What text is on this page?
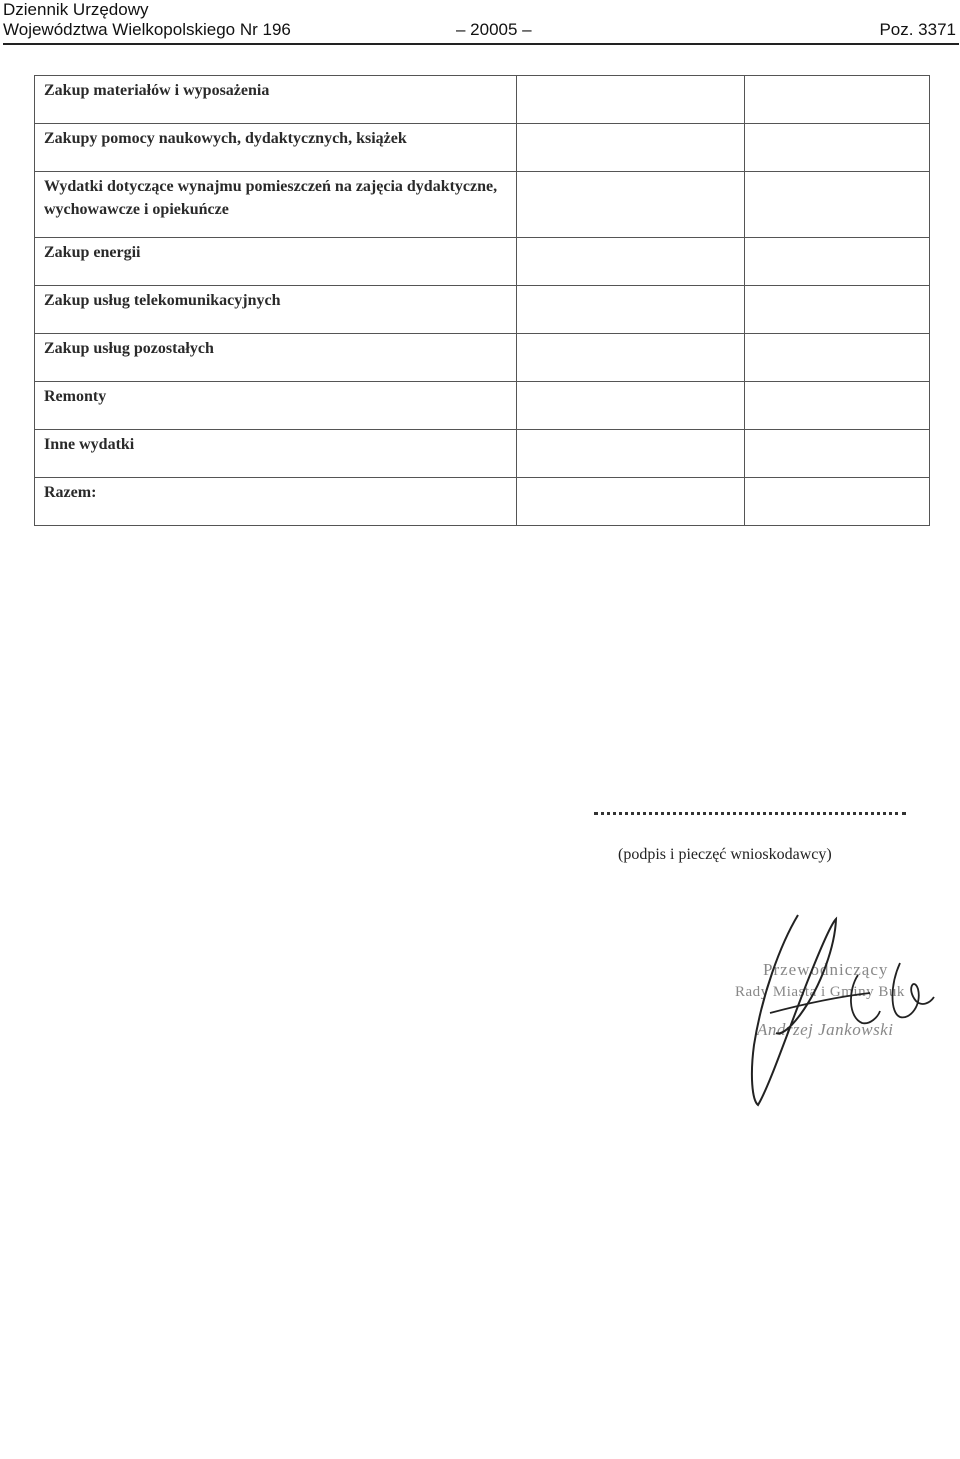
Dziennik Urzędowy
Województwa Wielkopolskiego Nr 196	– 20005 –	Poz. 3371
Zakup materiałów i wyposażenia		
Zakupy pomocy naukowych, dydaktycznych, książek		
Wydatki dotyczące wynajmu pomieszczeń na zajęcia dydaktyczne, wychowawcze i opiekuńcze		
Zakup energii		
Zakup usług telekomunikacyjnych		
Zakup usług pozostałych		
Remonty		
Inne wydatki		
Razem:		
(podpis i pieczęć wnioskodawcy)
Przewodniczący
Rady Miasta i Gminy Buk
Andrzej Jankowski
